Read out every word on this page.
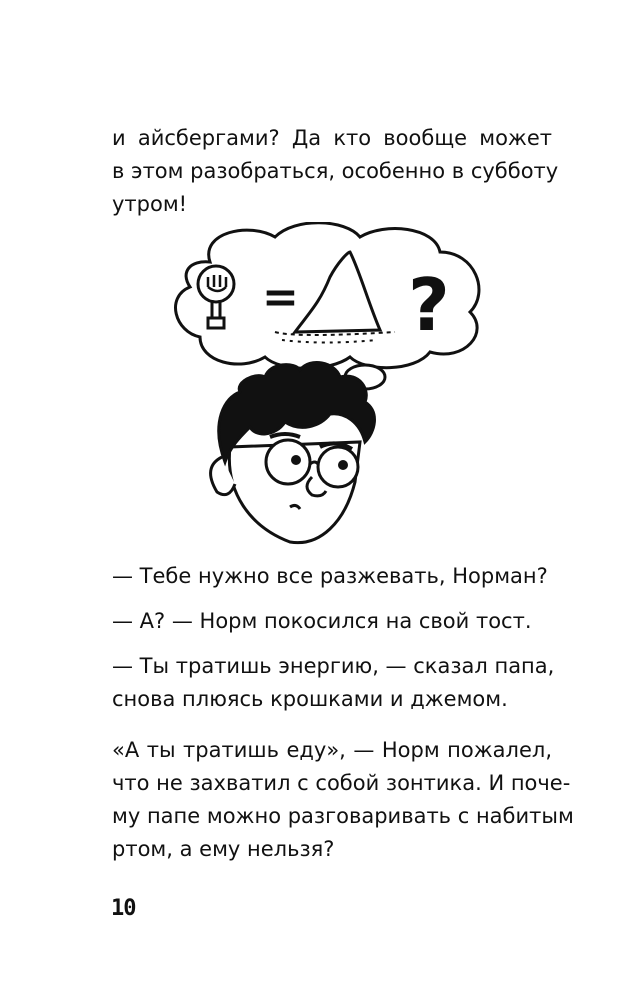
и айсбергами? Да кто вообще может
в этом разобраться, особенно в субботу
утром!

= ?

— Тебе нужно все разжевать, Норман?

— А? — Норм покосился на свой тост.

— Ты тратишь энергию, — сказал папа,
снова плюясь крошками и джемом.

«А ты тратишь еду», — Норм пожалел,
что не захватил с собой зонтика. И поче-
му папе можно разговаривать с набитым
ртом, а ему нельзя?

10
